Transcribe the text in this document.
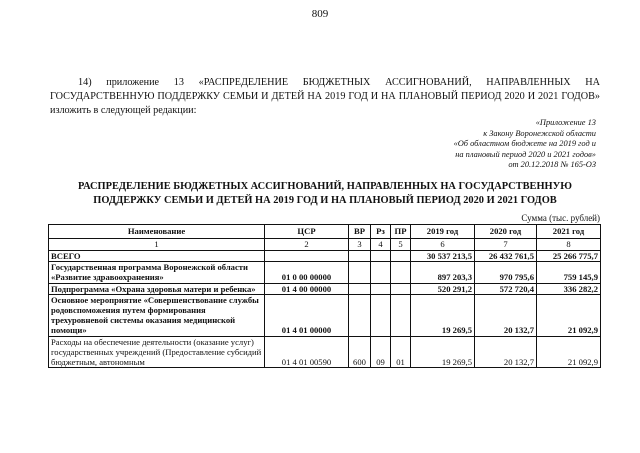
809
14) приложение 13 «РАСПРЕДЕЛЕНИЕ БЮДЖЕТНЫХ АССИГНОВАНИЙ, НАПРАВЛЕННЫХ НА ГОСУДАРСТВЕННУЮ ПОДДЕРЖКУ СЕМЬИ И ДЕТЕЙ НА 2019 ГОД И НА ПЛАНОВЫЙ ПЕРИОД 2020 И 2021 ГОДОВ» изложить в следующей редакции:
«Приложение 13
к Закону Воронежской области
«Об областном бюджете на 2019 год и
на плановый период 2020 и 2021 годов»
от 20.12.2018 № 165-ОЗ
РАСПРЕДЕЛЕНИЕ БЮДЖЕТНЫХ АССИГНОВАНИЙ, НАПРАВЛЕННЫХ НА ГОСУДАРСТВЕННУЮ
ПОДДЕРЖКУ СЕМЬИ И ДЕТЕЙ НА 2019 ГОД И НА ПЛАНОВЫЙ ПЕРИОД 2020 И 2021 ГОДОВ
Сумма (тыс. рублей)
Наименование	ЦСР	ВР	Рз	ПР	2019 год	2020 год	2021 год
1	2	3	4	5	6	7	8
ВСЕГО					30 537 213,5	26 432 761,5	25 266 775,7
Государственная программа Воронежской области «Развитие здравоохранения»	01 0 00 00000				897 203,3	970 795,6	759 145,9
Подпрограмма «Охрана здоровья матери и ребенка»	01 4 00 00000				520 291,2	572 720,4	336 282,2
Основное мероприятие «Совершенствование службы родовспоможения путем формирования трехуровневой системы оказания медицинской помощи»	01 4 01 00000				19 269,5	20 132,7	21 092,9
Расходы на обеспечение деятельности (оказание услуг) государственных учреждений (Предоставление субсидий бюджетным, автономным	01 4 01 00590	600	09	01	19 269,5	20 132,7	21 092,9
